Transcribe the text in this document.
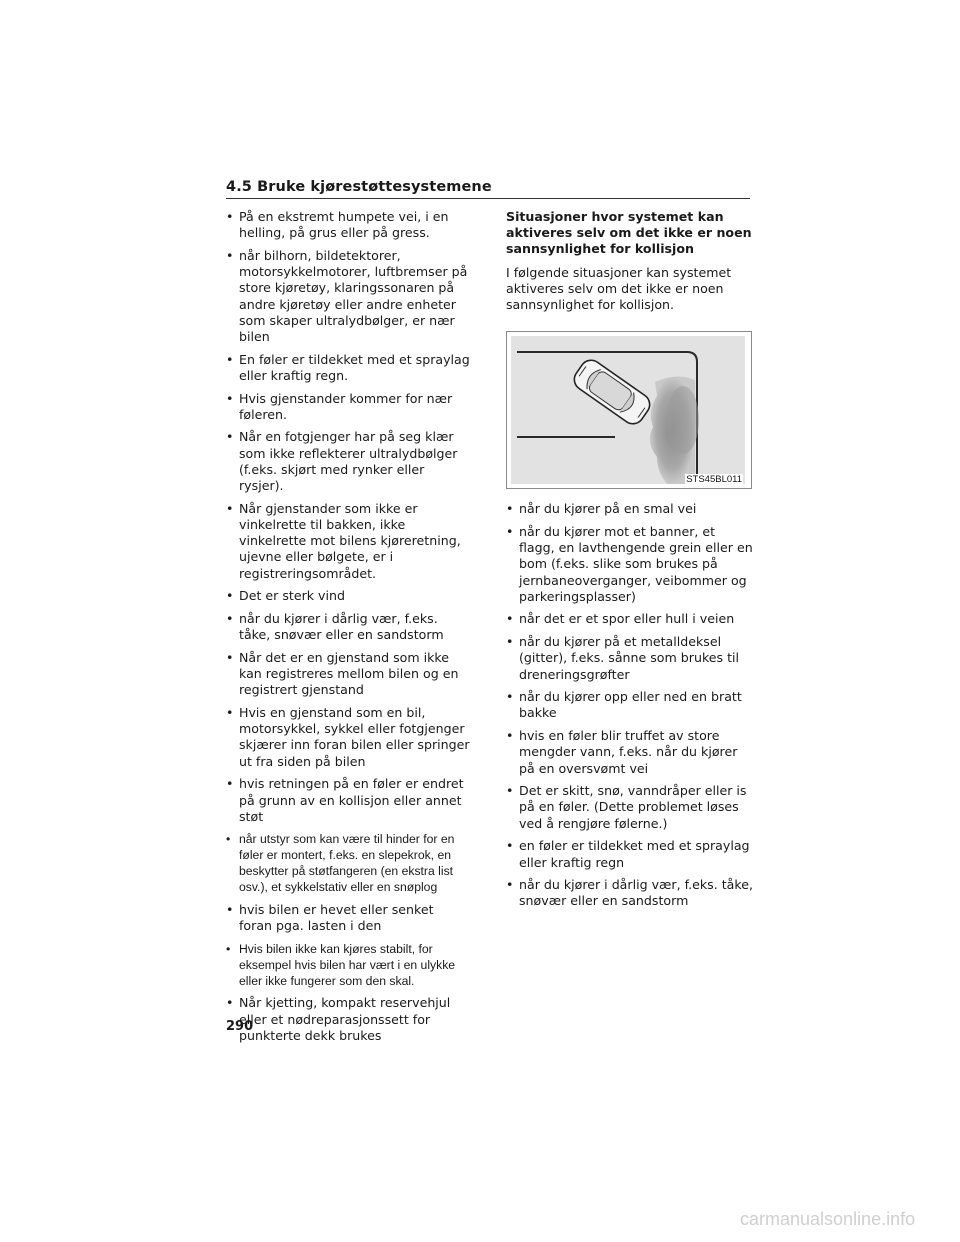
4.5 Bruke kjørestøttesystemene
• På en ekstremt humpete vei, i en helling, på grus eller på gress.
• når bilhorn, bildetektorer, motorsykkelmotorer, luftbremser på store kjøretøy, klaringssonaren på andre kjøretøy eller andre enheter som skaper ultralydbølger, er nær bilen
• En føler er tildekket med et spraylag eller kraftig regn.
• Hvis gjenstander kommer for nær føleren.
• Når en fotgjenger har på seg klær som ikke reflekterer ultralydbølger (f.eks. skjørt med rynker eller rysjer).
• Når gjenstander som ikke er vinkelrette til bakken, ikke vinkelrette mot bilens kjøreretning, ujevne eller bølgete, er i registreringsområdet.
• Det er sterk vind
• når du kjører i dårlig vær, f.eks. tåke, snøvær eller en sandstorm
• Når det er en gjenstand som ikke kan registreres mellom bilen og en registrert gjenstand
• Hvis en gjenstand som en bil, motorsykkel, sykkel eller fotgjenger skjærer inn foran bilen eller springer ut fra siden på bilen
• hvis retningen på en føler er endret på grunn av en kollisjon eller annet støt
• når utstyr som kan være til hinder for en føler er montert, f.eks. en slepekrok, en beskytter på støtfangeren (en ekstra list osv.), et sykkelstativ eller en snøplog
• hvis bilen er hevet eller senket foran pga. lasten i den
• Hvis bilen ikke kan kjøres stabilt, for eksempel hvis bilen har vært i en ulykke eller ikke fungerer som den skal.
• Når kjetting, kompakt reservehjul eller et nødreparasjonssett for punkterte dekk brukes

Situasjoner hvor systemet kan aktiveres selv om det ikke er noen sannsynlighet for kollisjon

I følgende situasjoner kan systemet aktiveres selv om det ikke er noen sannsynlighet for kollisjon.

STS45BL011
• når du kjører på en smal vei
• når du kjører mot et banner, et flagg, en lavthengende grein eller en bom (f.eks. slike som brukes på jernbaneoverganger, veibommer og parkeringsplasser)
• når det er et spor eller hull i veien
• når du kjører på et metalldeksel (gitter), f.eks. sånne som brukes til dreneringsgrøfter
• når du kjører opp eller ned en bratt bakke
• hvis en føler blir truffet av store mengder vann, f.eks. når du kjører på en oversvømt vei
• Det er skitt, snø, vanndråper eller is på en føler. (Dette problemet løses ved å rengjøre følerne.)
• en føler er tildekket med et spraylag eller kraftig regn
• når du kjører i dårlig vær, f.eks. tåke, snøvær eller en sandstorm

290

carmanualsonline.info
